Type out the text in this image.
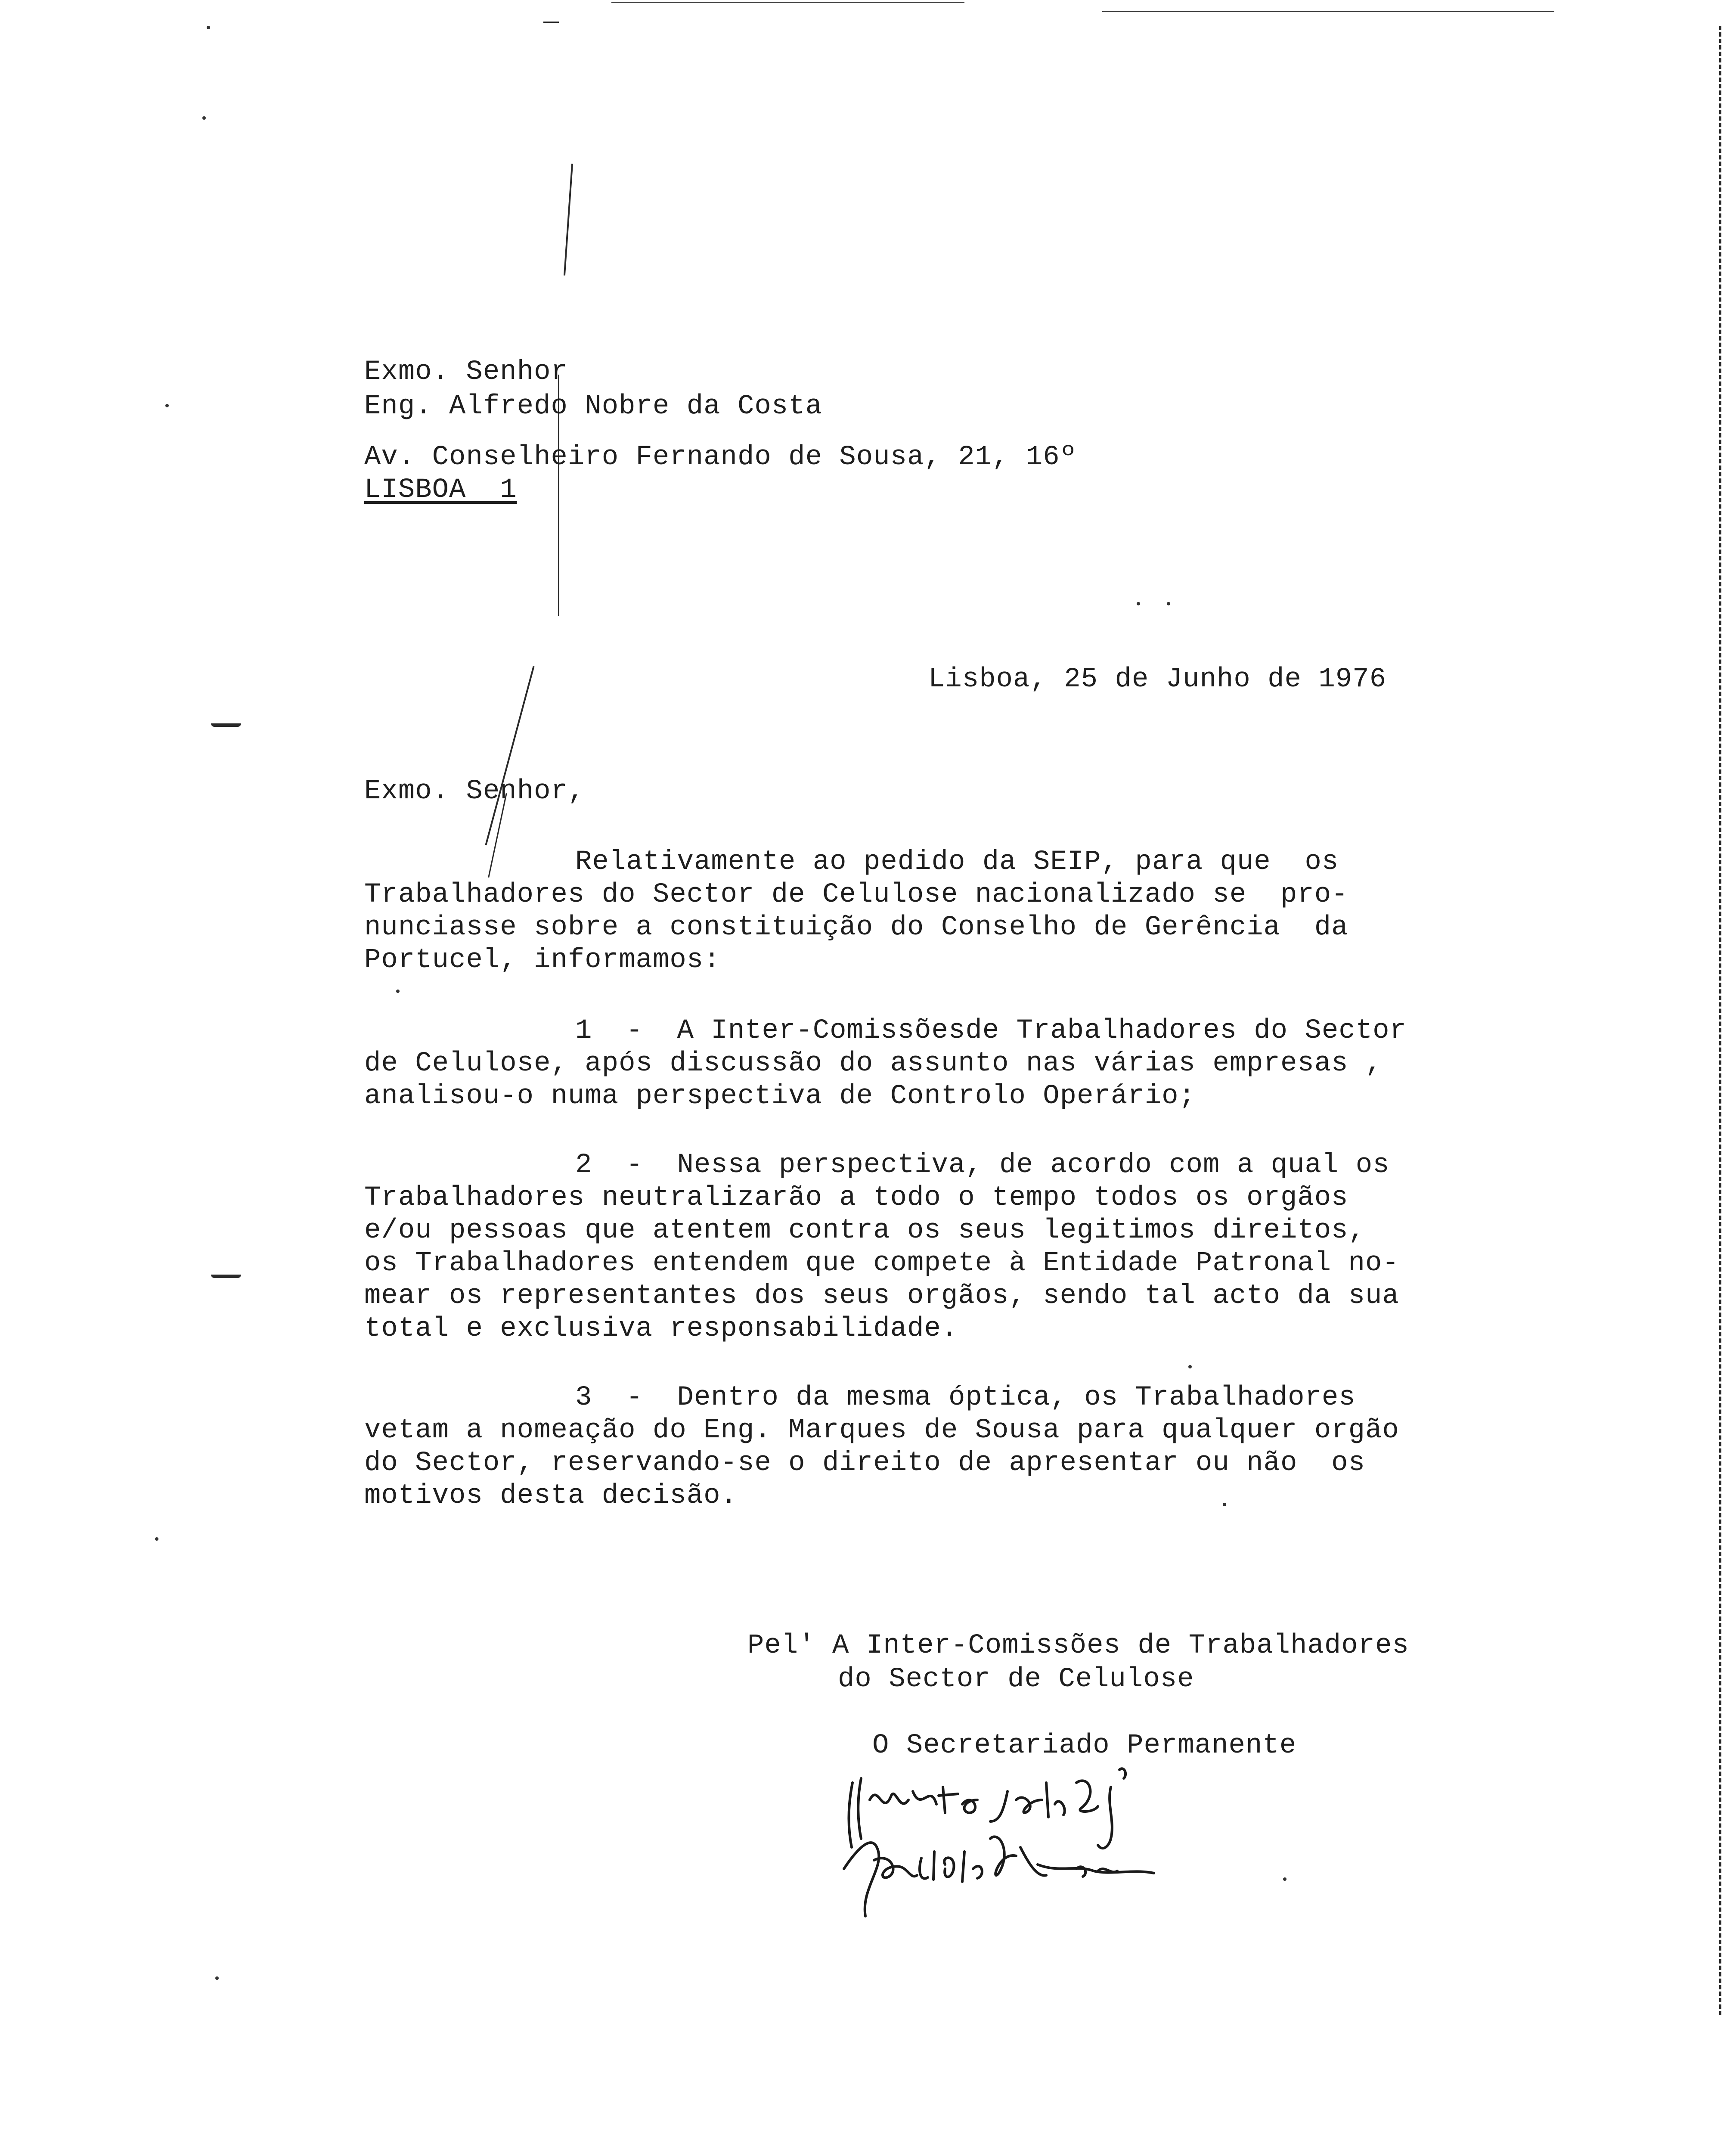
Exmo. Senhor
Eng. Alfredo Nobre da Costa
Av. Conselheiro Fernando de Sousa, 21, 16º
LISBOA  1
Lisboa, 25 de Junho de 1976
Exmo. Senhor,
Relativamente ao pedido da SEIP, para que  os
Trabalhadores do Sector de Celulose nacionalizado se  pro-
nunciasse sobre a constituição do Conselho de Gerência  da
Portucel, informamos:
1  -  A Inter-Comissõesde Trabalhadores do Sector
de Celulose, após discussão do assunto nas várias empresas ,
analisou-o numa perspectiva de Controlo Operário;
2  -  Nessa perspectiva, de acordo com a qual os
Trabalhadores neutralizarão a todo o tempo todos os orgãos
e/ou pessoas que atentem contra os seus legitimos direitos,
os Trabalhadores entendem que compete à Entidade Patronal no-
mear os representantes dos seus orgãos, sendo tal acto da sua
total e exclusiva responsabilidade.
3  -  Dentro da mesma óptica, os Trabalhadores
vetam a nomeação do Eng. Marques de Sousa para qualquer orgão
do Sector, reservando-se o direito de apresentar ou não  os
motivos desta decisão.
Pel' A Inter-Comissões de Trabalhadores
do Sector de Celulose
O Secretariado Permanente
